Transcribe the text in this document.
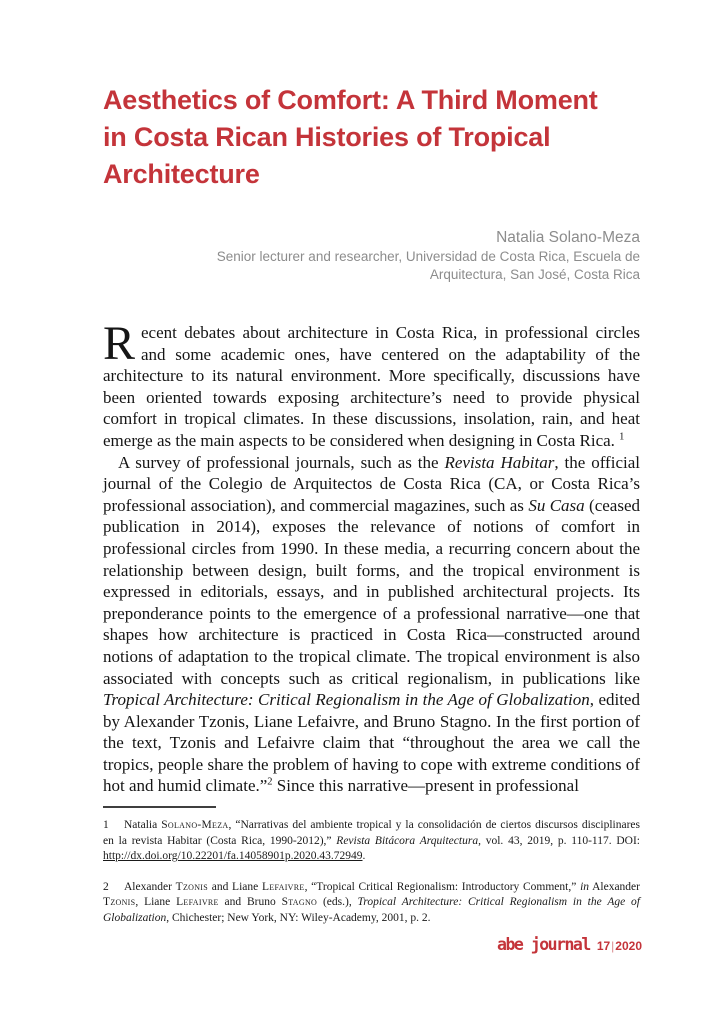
Aesthetics of Comfort: A Third Moment
in Costa Rican Histories of Tropical
Architecture
Natalia Solano-Meza
Senior lecturer and researcher, Universidad de Costa Rica, Escuela de
Arquitectura, San José, Costa Rica

Recent debates about architecture in Costa Rica, in professional circles and some academic ones, have centered on the adaptability of the architecture to its natural environment. More specifically, discussions have been oriented towards exposing architecture’s need to provide physical comfort in tropical climates. In these discussions, insolation, rain, and heat emerge as the main aspects to be considered when designing in Costa Rica. $^1$

A survey of professional journals, such as the Revista Habitar, the official journal of the Colegio de Arquitectos de Costa Rica (CA, or Costa Rica’s professional association), and commercial magazines, such as Su Casa (ceased publication in 2014), exposes the relevance of notions of comfort in professional circles from 1990. In these media, a recurring concern about the relationship between design, built forms, and the tropical environment is expressed in editorials, essays, and in published architectural projects. Its preponderance points to the emergence of a professional narrative—one that shapes how architecture is practiced in Costa Rica—constructed around notions of adaptation to the tropical climate. The tropical environment is also associated with concepts such as critical regionalism, in publications like Tropical Architecture: Critical Regionalism in the Age of Globalization, edited by Alexander Tzonis, Liane Lefaivre, and Bruno Stagno. In the first portion of the text, Tzonis and Lefaivre claim that “throughout the area we call the tropics, people share the problem of having to cope with extreme conditions of hot and humid climate.”$^2$ Since this narrative—present in professional

1 Natalia Solano-Meza, “Narrativas del ambiente tropical y la consolidación de ciertos discursos disciplinares en la revista Habitar (Costa Rica, 1990-2012),” Revista Bitácora Arquitectura, vol. 43, 2019, p. 110-117. DOI: http://dx.doi.org/10.22201/fa.14058901p.2020.43.72949.

2 Alexander Tzonis and Liane Lefaivre, “Tropical Critical Regionalism: Introductory Comment,” in Alexander Tzonis, Liane Lefaivre and Bruno Stagno (eds.), Tropical Architecture: Critical Regionalism in the Age of Globalization, Chichester; New York, NY: Wiley-Academy, 2001, p. 2.

abe journal 17|2020
